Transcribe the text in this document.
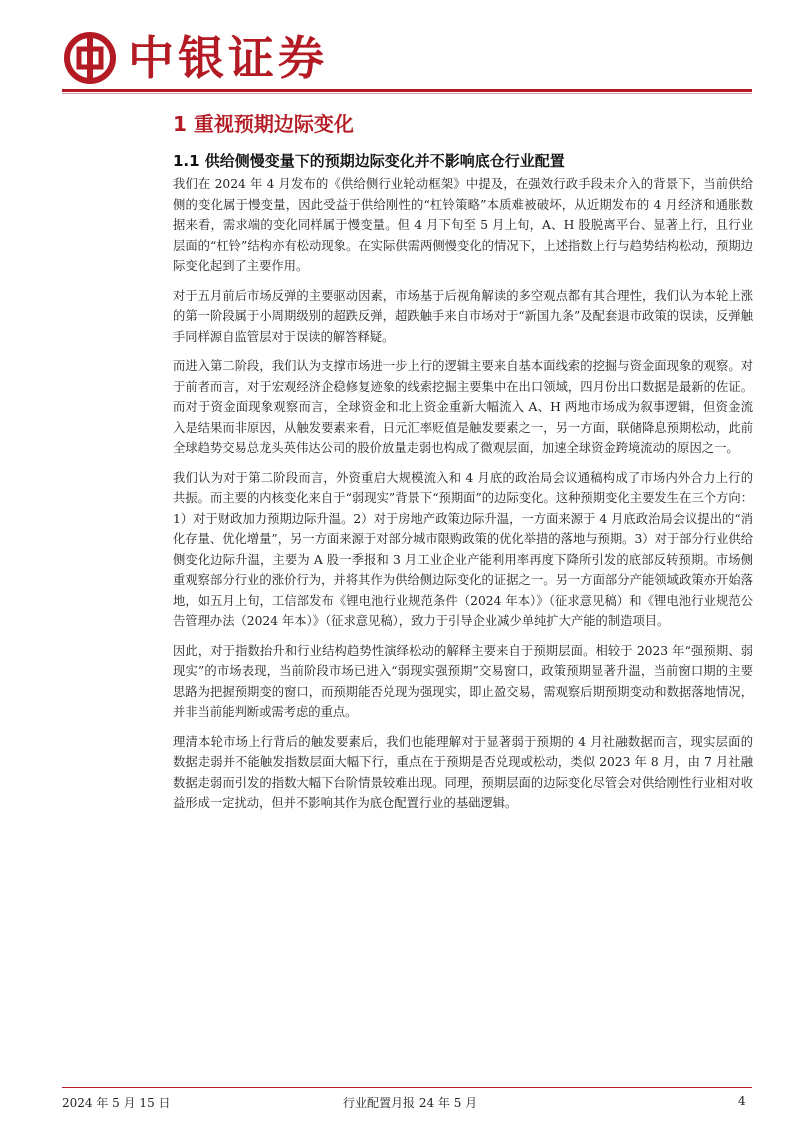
中银证券
1 重视预期边际变化
1.1 供给侧慢变量下的预期边际变化并不影响底仓行业配置

我们在 2024 年 4 月发布的《供给侧行业轮动框架》中提及，在强效行政手段未介入的背景下，当前供给侧的变化属于慢变量，因此受益于供给刚性的“杠铃策略”本质难被破坏，从近期发布的 4 月经济和通胀数据来看，需求端的变化同样属于慢变量。但 4 月下旬至 5 月上旬，A、H 股脱离平台、显著上行，且行业层面的“杠铃”结构亦有松动现象。在实际供需两侧慢变化的情况下，上述指数上行与趋势结构松动，预期边际变化起到了主要作用。

对于五月前后市场反弹的主要驱动因素，市场基于后视角解读的多空观点都有其合理性，我们认为本轮上涨的第一阶段属于小周期级别的超跌反弹，超跌触手来自市场对于“新国九条”及配套退市政策的误读，反弹触手同样源自监管层对于误读的解答释疑。

而进入第二阶段，我们认为支撑市场进一步上行的逻辑主要来自基本面线索的挖掘与资金面现象的观察。对于前者而言，对于宏观经济企稳修复迹象的线索挖掘主要集中在出口领域，四月份出口数据是最新的佐证。而对于资金面现象观察而言，全球资金和北上资金重新大幅流入 A、H 两地市场成为叙事逻辑，但资金流入是结果而非原因，从触发要素来看，日元汇率贬值是触发要素之一，另一方面，联储降息预期松动，此前全球趋势交易总龙头英伟达公司的股价放量走弱也构成了微观层面，加速全球资金跨境流动的原因之一。

我们认为对于第二阶段而言，外资重启大规模流入和 4 月底的政治局会议通稿构成了市场内外合力上行的共振。而主要的内核变化来自于“弱现实”背景下“预期面”的边际变化。这种预期变化主要发生在三个方向：1）对于财政加力预期边际升温。2）对于房地产政策边际升温，一方面来源于 4 月底政治局会议提出的“消化存量、优化增量”，另一方面来源于对部分城市限购政策的优化举措的落地与预期。3）对于部分行业供给侧变化边际升温，主要为 A 股一季报和 3 月工业企业产能利用率再度下降所引发的底部反转预期。市场侧重观察部分行业的涨价行为，并将其作为供给侧边际变化的证据之一。另一方面部分产能领域政策亦开始落地，如五月上旬，工信部发布《锂电池行业规范条件（2024 年本）》（征求意见稿）和《锂电池行业规范公告管理办法（2024 年本）》（征求意见稿），致力于引导企业减少单纯扩大产能的制造项目。

因此，对于指数抬升和行业结构趋势性演绎松动的解释主要来自于预期层面。相较于 2023 年“强预期、弱现实”的市场表现，当前阶段市场已进入“弱现实强预期”交易窗口，政策预期显著升温，当前窗口期的主要思路为把握预期变的窗口，而预期能否兑现为强现实，即止盈交易，需观察后期预期变动和数据落地情况，并非当前能判断或需考虑的重点。

理清本轮市场上行背后的触发要素后，我们也能理解对于显著弱于预期的 4 月社融数据而言，现实层面的数据走弱并不能触发指数层面大幅下行，重点在于预期是否兑现或松动，类似 2023 年 8 月，由 7 月社融数据走弱而引发的指数大幅下台阶情景较难出现。同理，预期层面的边际变化尽管会对供给刚性行业相对收益形成一定扰动，但并不影响其作为底仓配置行业的基础逻辑。

2024 年 5 月 15 日	行业配置月报 24 年 5 月	4
